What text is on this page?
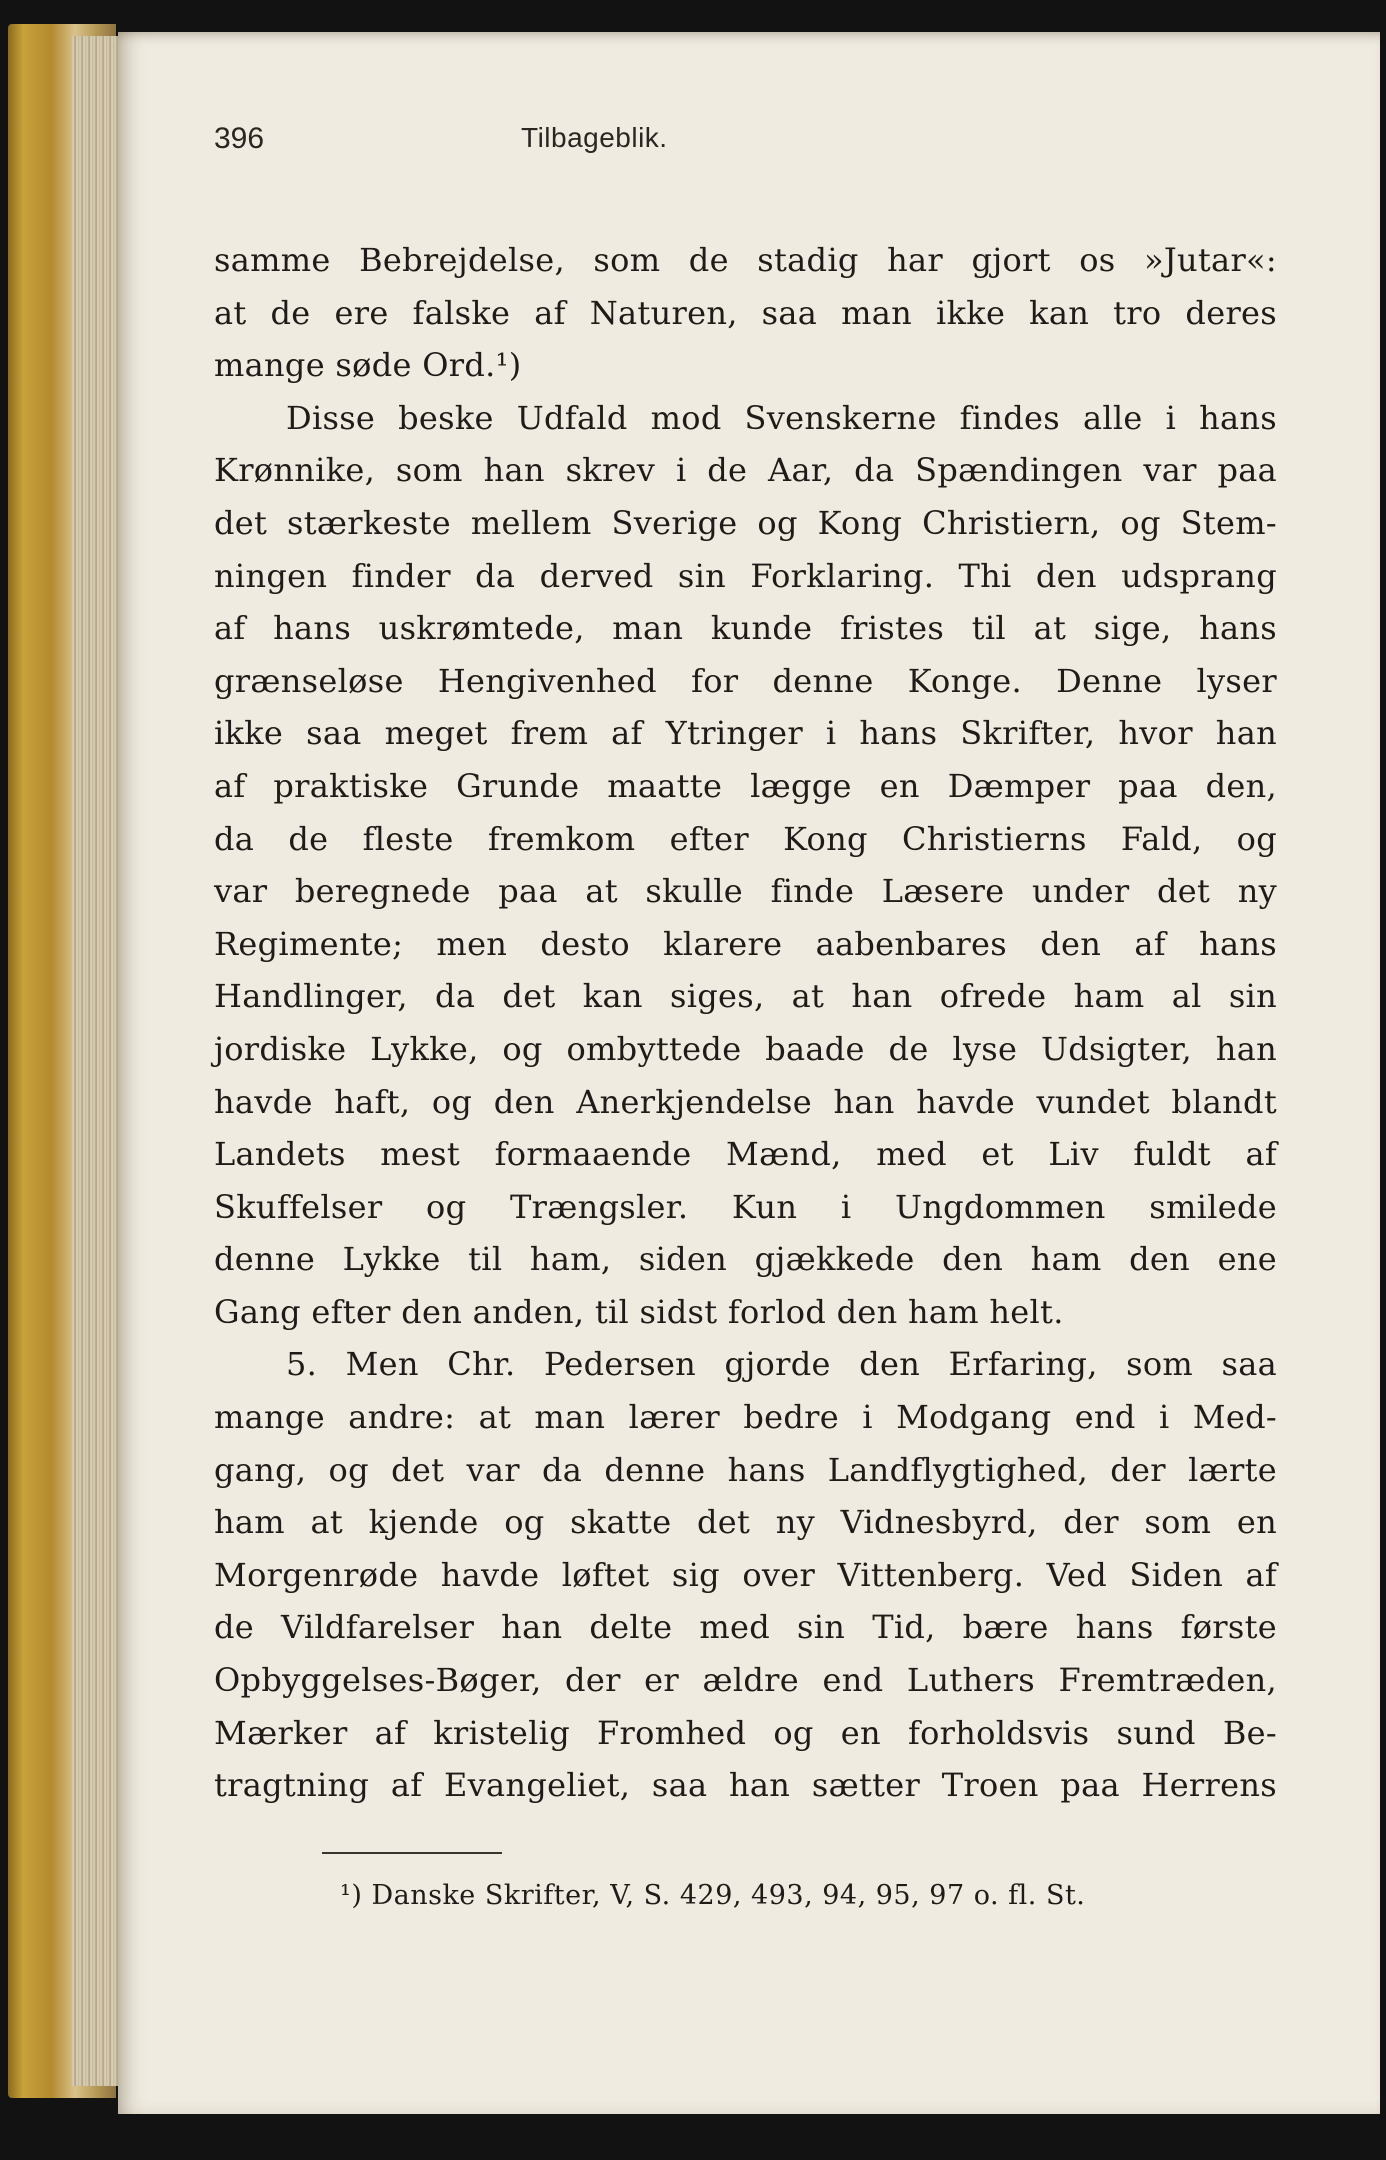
396	Tilbageblik.
samme Bebrejdelse, som de stadig har gjort os »Jutar«:
at de ere falske af Naturen, saa man ikke kan tro deres
mange søde Ord.¹)
Disse beske Udfald mod Svenskerne findes alle i hans
Krønnike, som han skrev i de Aar, da Spændingen var paa
det stærkeste mellem Sverige og Kong Christiern, og Stem-
ningen finder da derved sin Forklaring. Thi den udsprang
af hans uskrømtede, man kunde fristes til at sige, hans
grænseløse Hengivenhed for denne Konge. Denne lyser
ikke saa meget frem af Ytringer i hans Skrifter, hvor han
af praktiske Grunde maatte lægge en Dæmper paa den,
da de fleste fremkom efter Kong Christierns Fald, og
var beregnede paa at skulle finde Læsere under det ny
Regimente; men desto klarere aabenbares den af hans
Handlinger, da det kan siges, at han ofrede ham al sin
jordiske Lykke, og ombyttede baade de lyse Udsigter, han
havde haft, og den Anerkjendelse han havde vundet blandt
Landets mest formaaende Mænd, med et Liv fuldt af
Skuffelser og Trængsler. Kun i Ungdommen smilede
denne Lykke til ham, siden gjækkede den ham den ene
Gang efter den anden, til sidst forlod den ham helt.
5. Men Chr. Pedersen gjorde den Erfaring, som saa
mange andre: at man lærer bedre i Modgang end i Med-
gang, og det var da denne hans Landflygtighed, der lærte
ham at kjende og skatte det ny Vidnesbyrd, der som en
Morgenrøde havde løftet sig over Vittenberg. Ved Siden af
de Vildfarelser han delte med sin Tid, bære hans første
Opbyggelses-Bøger, der er ældre end Luthers Fremtræden,
Mærker af kristelig Fromhed og en forholdsvis sund Be-
tragtning af Evangeliet, saa han sætter Troen paa Herrens
¹) Danske Skrifter, V, S. 429, 493, 94, 95, 97 o. fl. St.
